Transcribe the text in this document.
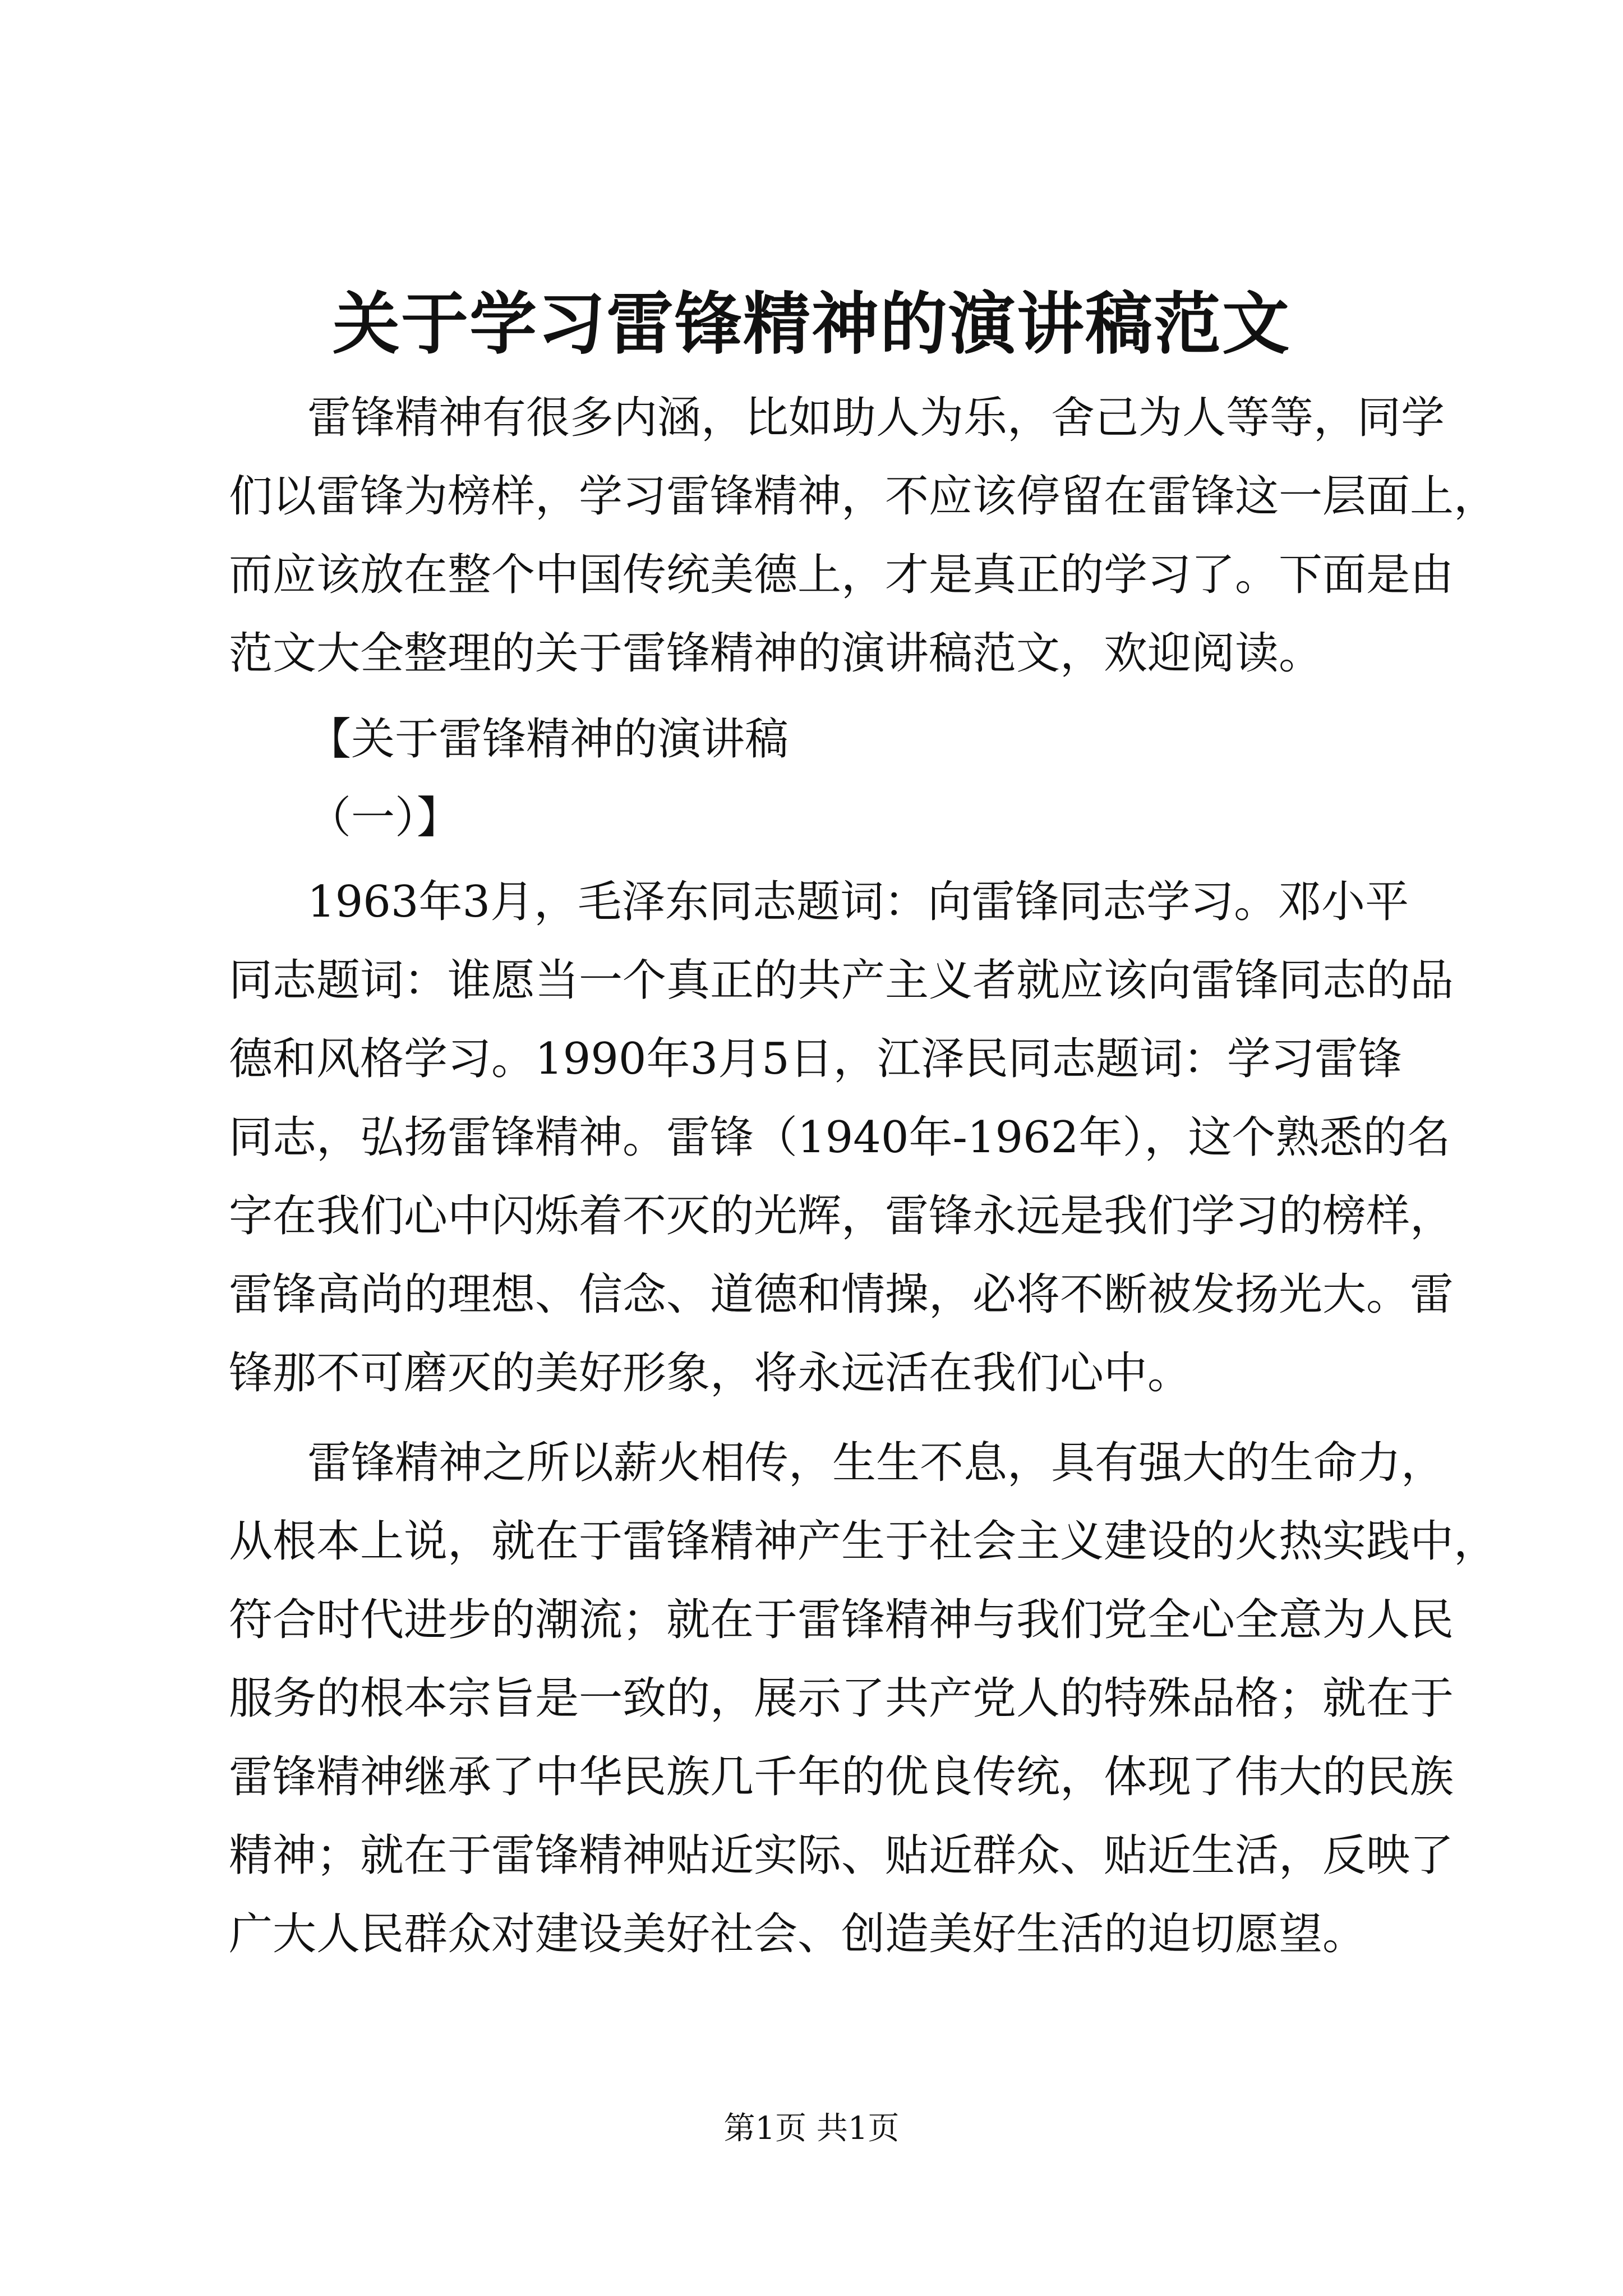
关于学习雷锋精神的演讲稿范文
雷锋精神有很多内涵，比如助人为乐，舍己为人等等，同学
们以雷锋为榜样，学习雷锋精神，不应该停留在雷锋这一层面上，
而应该放在整个中国传统美德上，才是真正的学习了。下面是由
范文大全整理的关于雷锋精神的演讲稿范文，欢迎阅读。
【关于雷锋精神的演讲稿
（一）】
1963年3月，毛泽东同志题词：向雷锋同志学习。邓小平
同志题词：谁愿当一个真正的共产主义者就应该向雷锋同志的品
德和风格学习。1990年3月5日，江泽民同志题词：学习雷锋
同志，弘扬雷锋精神。雷锋（1940年-1962年），这个熟悉的名
字在我们心中闪烁着不灭的光辉，雷锋永远是我们学习的榜样，
雷锋高尚的理想、信念、道德和情操，必将不断被发扬光大。雷
锋那不可磨灭的美好形象，将永远活在我们心中。
雷锋精神之所以薪火相传，生生不息，具有强大的生命力，
从根本上说，就在于雷锋精神产生于社会主义建设的火热实践中，
符合时代进步的潮流；就在于雷锋精神与我们党全心全意为人民
服务的根本宗旨是一致的，展示了共产党人的特殊品格；就在于
雷锋精神继承了中华民族几千年的优良传统，体现了伟大的民族
精神；就在于雷锋精神贴近实际、贴近群众、贴近生活，反映了
广大人民群众对建设美好社会、创造美好生活的迫切愿望。
第1页 共1页
